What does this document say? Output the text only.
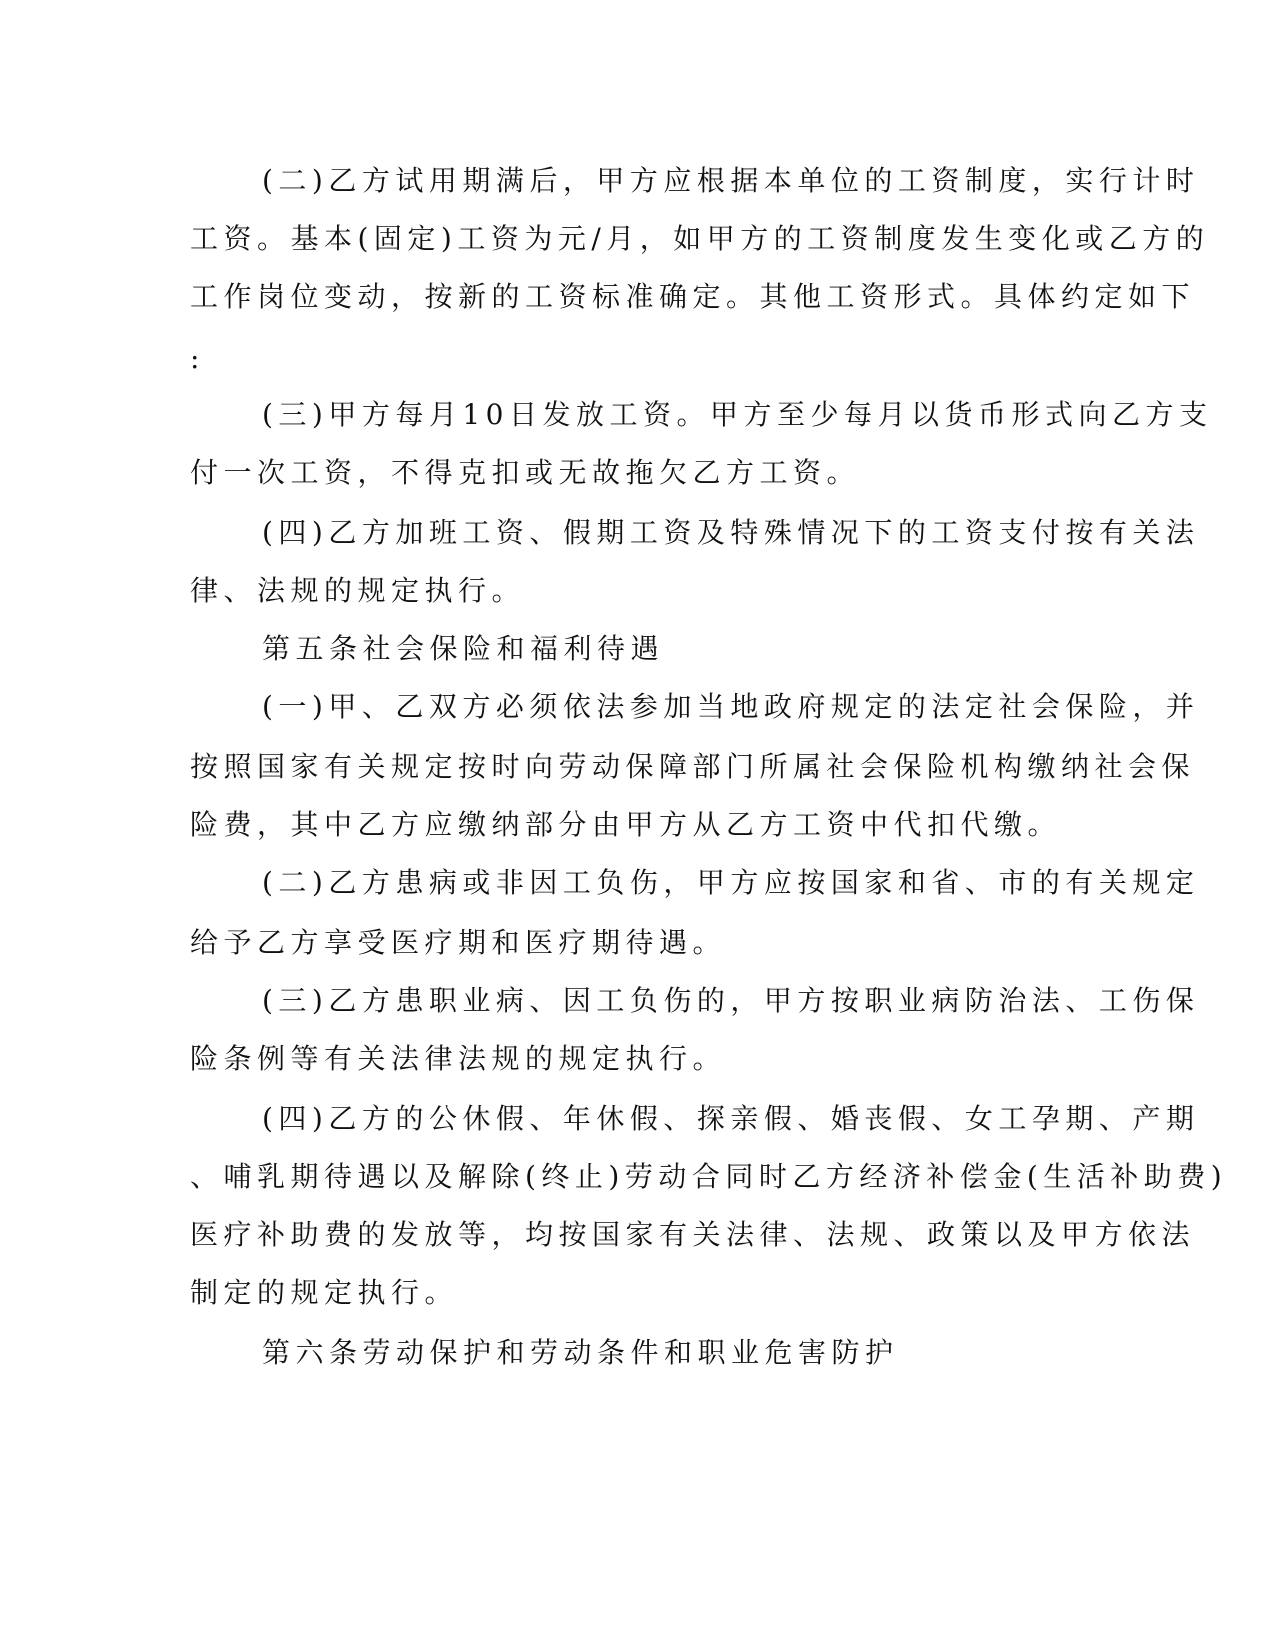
(二)乙方试用期满后，甲方应根据本单位的工资制度，实行计时
工资。基本(固定)工资为元/月，如甲方的工资制度发生变化或乙方的
工作岗位变动，按新的工资标准确定。其他工资形式。具体约定如下
:
(三)甲方每月10日发放工资。甲方至少每月以货币形式向乙方支
付一次工资，不得克扣或无故拖欠乙方工资。
(四)乙方加班工资、假期工资及特殊情况下的工资支付按有关法
律、法规的规定执行。
第五条社会保险和福利待遇
(一)甲、乙双方必须依法参加当地政府规定的法定社会保险，并
按照国家有关规定按时向劳动保障部门所属社会保险机构缴纳社会保
险费，其中乙方应缴纳部分由甲方从乙方工资中代扣代缴。
(二)乙方患病或非因工负伤，甲方应按国家和省、市的有关规定
给予乙方享受医疗期和医疗期待遇。
(三)乙方患职业病、因工负伤的，甲方按职业病防治法、工伤保
险条例等有关法律法规的规定执行。
(四)乙方的公休假、年休假、探亲假、婚丧假、女工孕期、产期
、哺乳期待遇以及解除(终止)劳动合同时乙方经济补偿金(生活补助费)
医疗补助费的发放等，均按国家有关法律、法规、政策以及甲方依法
制定的规定执行。
第六条劳动保护和劳动条件和职业危害防护
